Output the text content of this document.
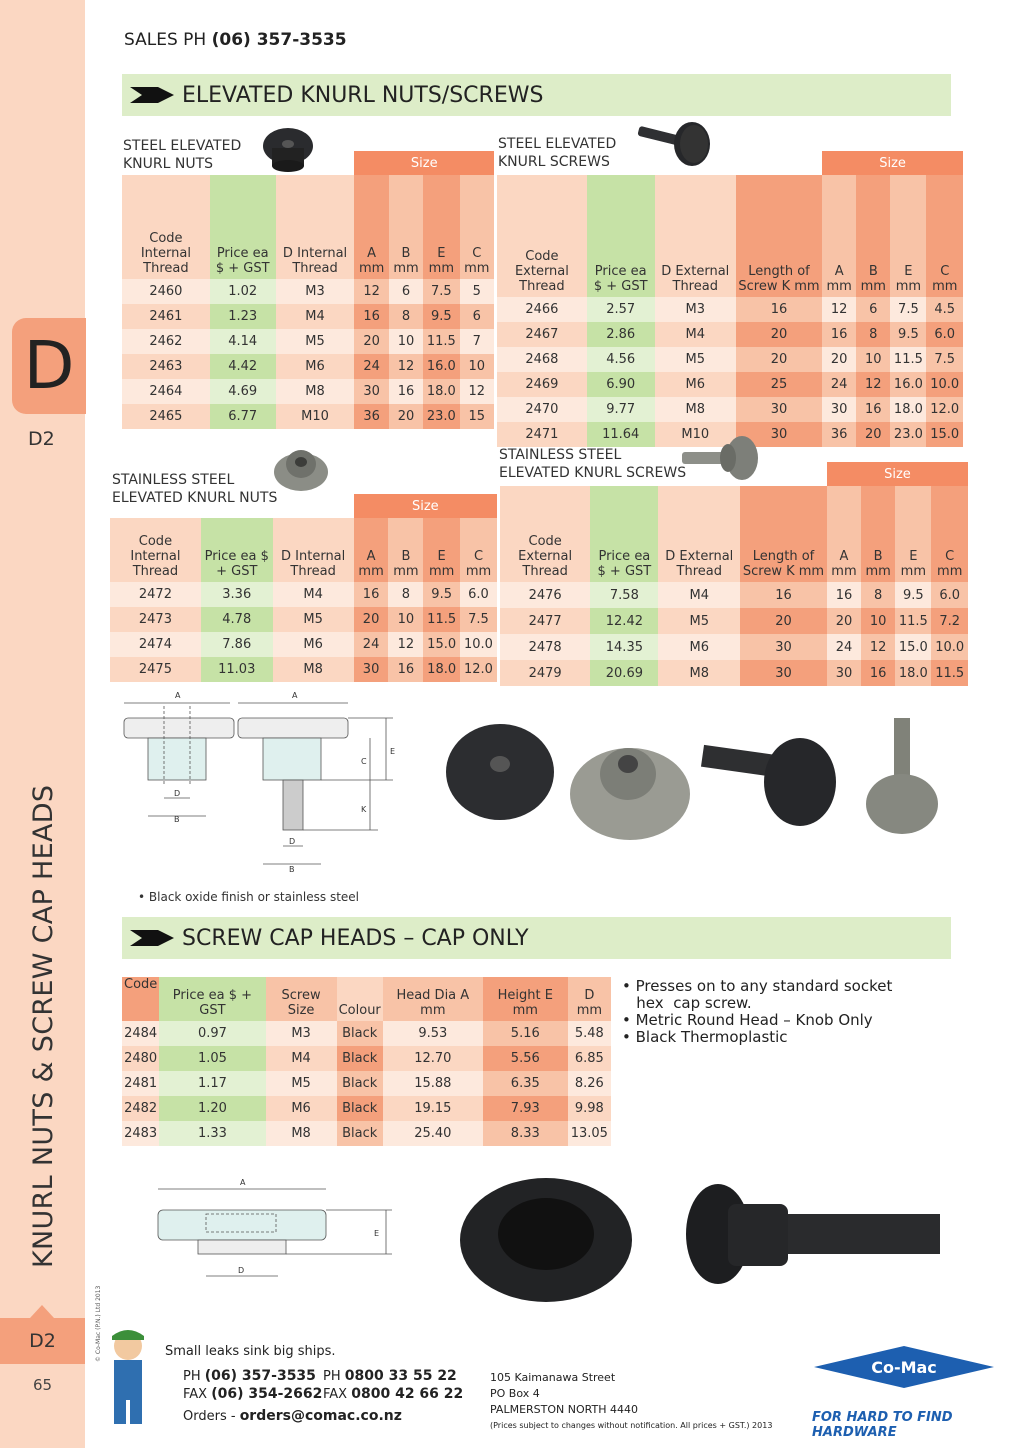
D
D2
KNURL NUTS & SCREW CAP HEADS
© Co-Mac (P.N.) Ltd 2013
D2
65
SALES PH (06) 357-3535
ELEVATED KNURL NUTS/SCREWS
STEEL ELEVATED
KNURL NUTS
			Size			
Code Internal Thread	Price ea $ + GST	D Internal Thread	A mm	B mm	E mm	C mm
2460	1.02	M3	12	6	7.5	5
2461	1.23	M4	16	8	9.5	6
2462	4.14	M5	20	10	11.5	7
2463	4.42	M6	24	12	16.0	10
2464	4.69	M8	30	16	18.0	12
2465	6.77	M10	36	20	23.0	15
STEEL ELEVATED
KNURL SCREWS
				Size			
Code External Thread	Price ea $ + GST	D External Thread	Length of Screw K mm	A mm	B mm	E mm	C mm
2466	2.57	M3	16	12	6	7.5	4.5
2467	2.86	M4	20	16	8	9.5	6.0
2468	4.56	M5	20	20	10	11.5	7.5
2469	6.90	M6	25	24	12	16.0	10.0
2470	9.77	M8	30	30	16	18.0	12.0
2471	11.64	M10	30	36	20	23.0	15.0
STAINLESS STEEL
ELEVATED KNURL NUTS
			Size			
Code Internal Thread	Price ea $ + GST	D Internal Thread	A mm	B mm	E mm	C mm
2472	3.36	M4	16	8	9.5	6.0
2473	4.78	M5	20	10	11.5	7.5
2474	7.86	M6	24	12	15.0	10.0
2475	11.03	M8	30	16	18.0	12.0
STAINLESS STEEL
ELEVATED KNURL SCREWS
				Size			
Code External Thread	Price ea $ + GST	D External Thread	Length of Screw K mm	A mm	B mm	E mm	C mm
2476	7.58	M4	16	16	8	9.5	6.0
2477	12.42	M5	20	20	10	11.5	7.2
2478	14.35	M6	30	24	12	15.0	10.0
2479	20.69	M8	30	30	16	18.0	11.5
A	A
D
B
D
B
E
C
K
• Black oxide finish or stainless steel
SCREW CAP HEADS – CAP ONLY
Code	Price ea $ + GST	Screw Size	Colour	Head Dia A mm	Height E mm	D mm
2484	0.97	M3	Black	9.53	5.16	5.48
2480	1.05	M4	Black	12.70	5.56	6.85
2481	1.17	M5	Black	15.88	6.35	8.26
2482	1.20	M6	Black	19.15	7.93	9.98
2483	1.33	M8	Black	25.40	8.33	13.05
• Presses on to any standard socket
hex  cap screw.
• Metric Round Head – Knob Only
• Black Thermoplastic
A
D
E
Small leaks sink big ships.
PH (06) 357-3535
FAX (06) 354-2662
PH 0800 33 55 22
FAX 0800 42 66 22
Orders - orders@comac.co.nz
105 Kaimanawa Street
PO Box 4
PALMERSTON NORTH 4440
(Prices subject to changes without notification. All prices + GST.) 2013
Co-Mac
FOR HARD TO FIND HARDWARE
